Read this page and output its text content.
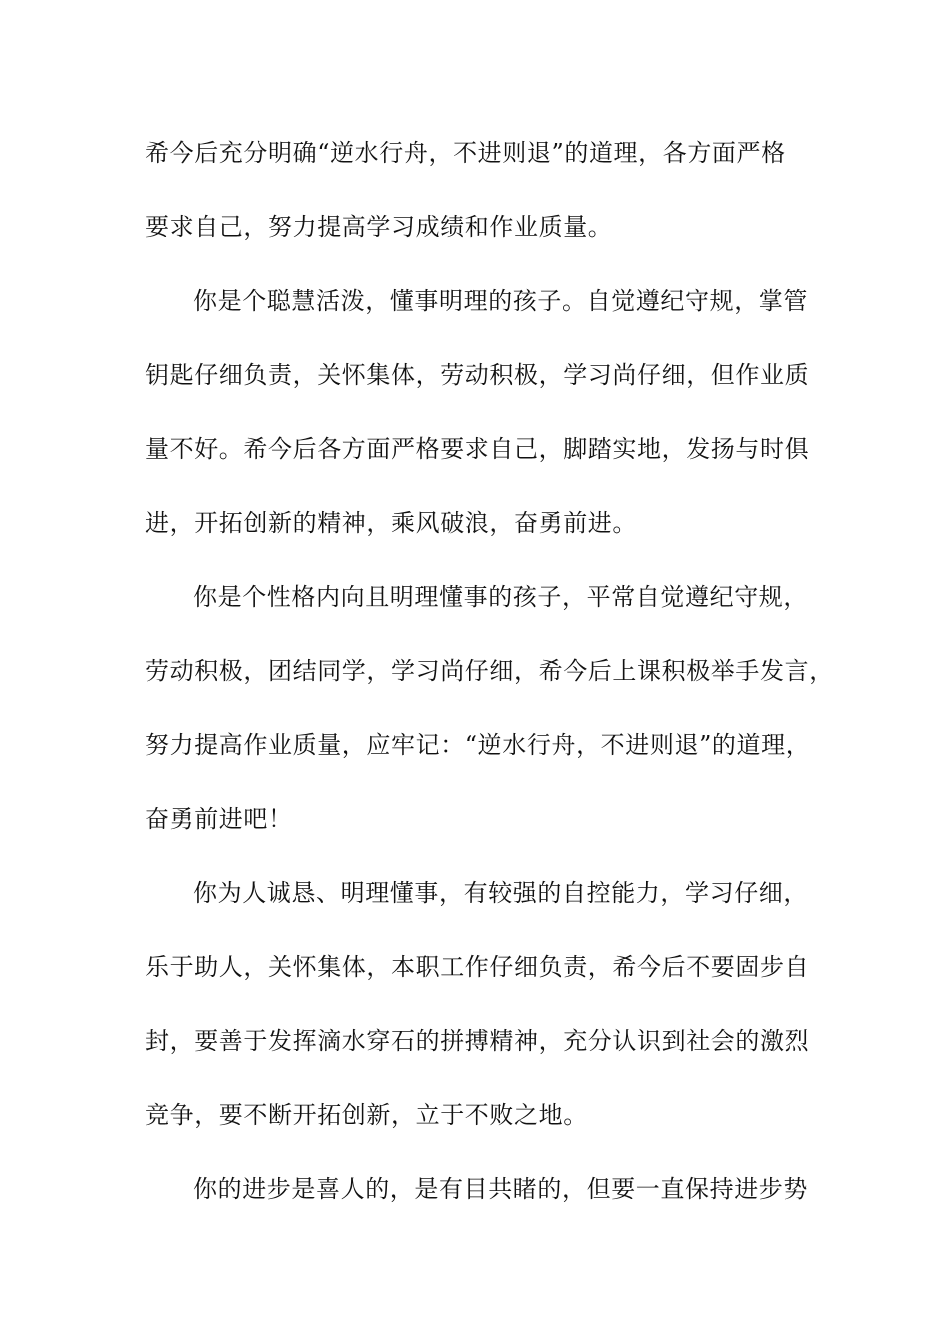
希今后充分明确“逆水行舟，不进则退”的道理，各方面严格
要求自己，努力提高学习成绩和作业质量。
你是个聪慧活泼，懂事明理的孩子。自觉遵纪守规，掌管
钥匙仔细负责，关怀集体，劳动积极，学习尚仔细，但作业质
量不好。希今后各方面严格要求自己，脚踏实地，发扬与时俱
进，开拓创新的精神，乘风破浪，奋勇前进。
你是个性格内向且明理懂事的孩子，平常自觉遵纪守规，
劳动积极，团结同学，学习尚仔细，希今后上课积极举手发言，
努力提高作业质量，应牢记：“逆水行舟，不进则退”的道理，
奋勇前进吧！
你为人诚恳、明理懂事，有较强的自控能力，学习仔细，
乐于助人，关怀集体，本职工作仔细负责，希今后不要固步自
封，要善于发挥滴水穿石的拼搏精神，充分认识到社会的激烈
竞争，要不断开拓创新，立于不败之地。
你的进步是喜人的，是有目共睹的，但要一直保持进步势
